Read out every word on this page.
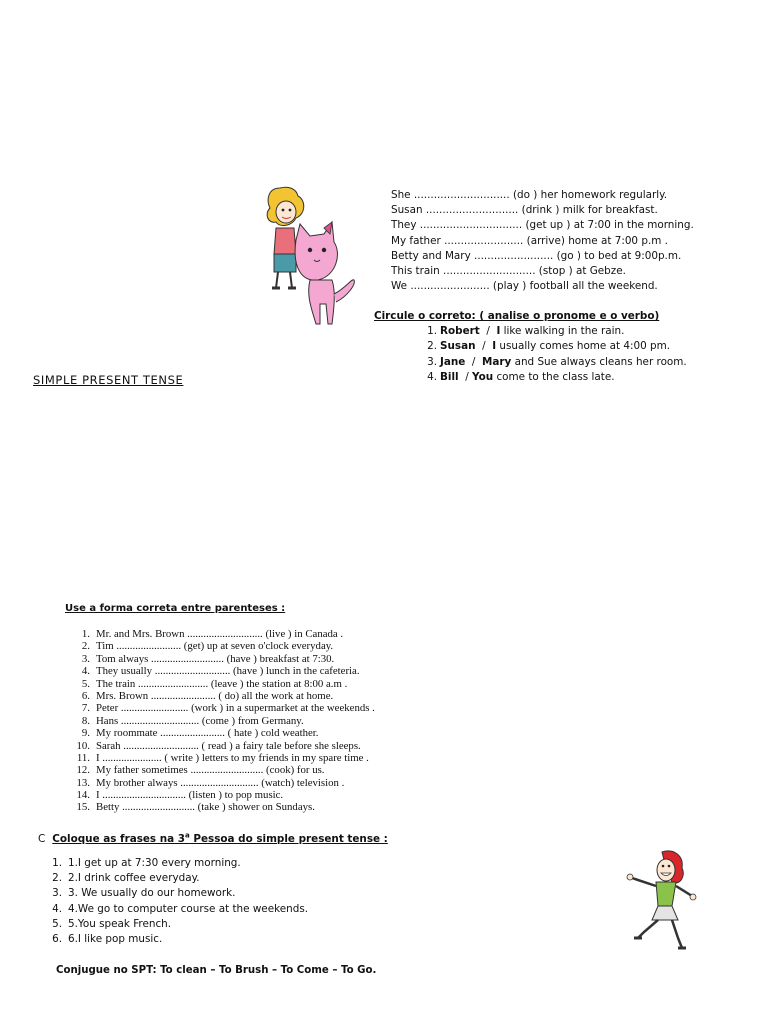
She ............................. (do ) her homework regularly.
Susan ............................ (drink ) milk for breakfast.
They ............................... (get up ) at 7:00 in the morning.
My father ........................ (arrive) home at 7:00 p.m .
Betty and Mary ........................ (go ) to bed at 9:00p.m.
This train ............................ (stop ) at Gebze.
We ........................ (play ) football all the weekend.
Circule o correto: ( analise o pronome e o verbo)
1. Robert  /  I like walking in the rain.
2. Susan  /  I usually comes home at 4:00 pm.
3. Jane  /  Mary and Sue always cleans her room.
4. Bill  / You come to the class late.
SIMPLE PRESENT TENSE
Use a forma correta entre parenteses :
1. Mr. and Mrs. Brown ............................ (live ) in Canada .
2. Tim ........................ (get) up at seven o'clock everyday.
3. Tom always ........................... (have ) breakfast at 7:30.
4. They usually ............................ (have ) lunch in the cafeteria.
5. The train .......................... (leave ) the station at 8:00 a.m .
6. Mrs. Brown ........................ ( do) all the work at home.
7. Peter ......................... (work ) in a supermarket at the weekends .
8. Hans ............................. (come ) from Germany.
9. My roommate ........................ ( hate ) cold weather.
10. Sarah ............................ ( read ) a fairy tale before she sleeps.
11. I ...................... ( write ) letters to my friends in my spare time .
12. My father sometimes ........................... (cook) for us.
13. My brother always ............................. (watch) television .
14. I ............................... (listen ) to pop music.
15. Betty ........................... (take ) shower on Sundays.
C Coloque as frases na 3$^a$ Pessoa do simple present tense :
1. 1.I get up at 7:30 every morning.
2. 2.I drink coffee everyday.
3. 3. We usually do our homework.
4. 4.We go to computer course at the weekends.
5. 5.You speak French.
6. 6.I like pop music.
Conjugue no SPT: To clean – To Brush – To Come – To Go.
